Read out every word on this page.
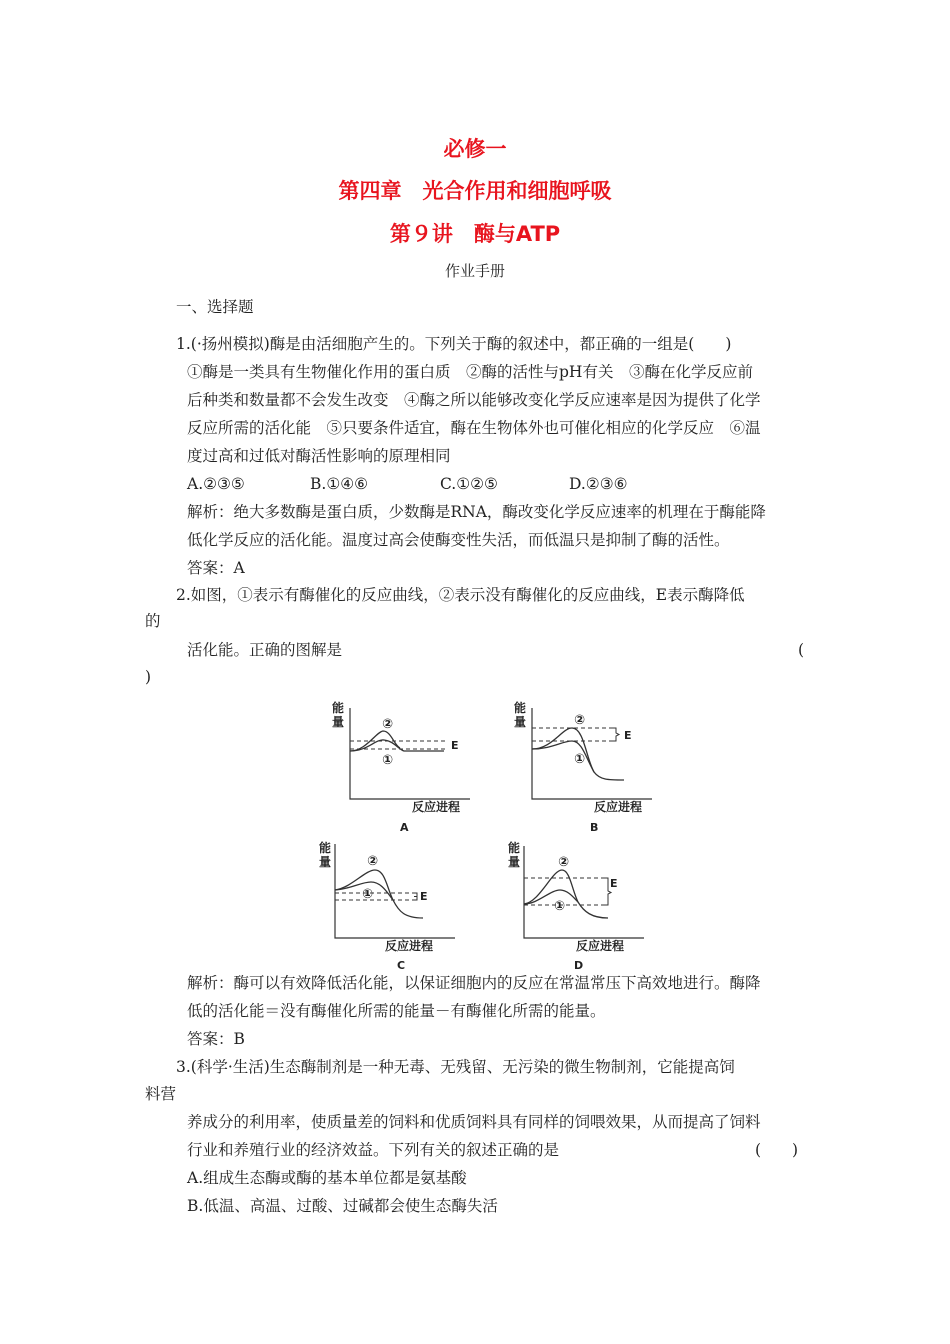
必修一
第四章　光合作用和细胞呼吸
第９讲　酶与ATP
作业手册
一、选择题
1.(·扬州模拟)酶是由活细胞产生的。下列关于酶的叙述中，都正确的一组是(　　)
①酶是一类具有生物催化作用的蛋白质　②酶的活性与pH有关　③酶在化学反应前
后种类和数量都不会发生改变　④酶之所以能够改变化学反应速率是因为提供了化学
反应所需的活化能　⑤只要条件适宜，酶在生物体外也可催化相应的化学反应　⑥温
度过高和过低对酶活性影响的原理相同
A.②③⑤	B.①④⑥	C.①②⑤	D.②③⑥
解析：绝大多数酶是蛋白质，少数酶是RNA，酶改变化学反应速率的机理在于酶能降
低化学反应的活化能。温度过高会使酶变性失活，而低温只是抑制了酶的活性。
答案：A
2.如图，①表示有酶催化的反应曲线，②表示没有酶催化的反应曲线，E表示酶降低
的
活化能。正确的图解是	(
)
能
量	②
①
E
反应进程
A
能
量
E
②
①
反应进程
B
能
量
E
②
①
反应进程
C
能
量
E
②
①
反应进程
D
解析：酶可以有效降低活化能，以保证细胞内的反应在常温常压下高效地进行。酶降
低的活化能＝没有酶催化所需的能量－有酶催化所需的能量。
答案：B
3.(科学·生活)生态酶制剂是一种无毒、无残留、无污染的微生物制剂，它能提高饲
料营
养成分的利用率，使质量差的饲料和优质饲料具有同样的饲喂效果，从而提高了饲料
行业和养殖行业的经济效益。下列有关的叙述正确的是	(　　)
A.组成生态酶或酶的基本单位都是氨基酸
B.低温、高温、过酸、过碱都会使生态酶失活
